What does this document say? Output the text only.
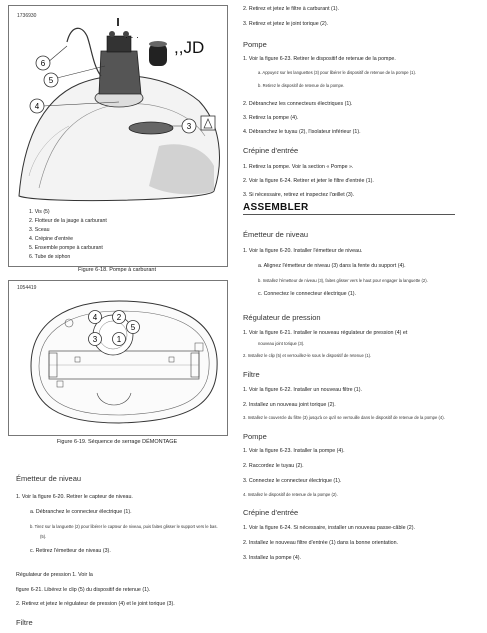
1736930
· · ·
6
5
4
3
,,JD
1. Vis (5)
2. Flotteur de la jauge à carburant
3. Sceau
4. Crépine d'entrée
5. Ensemble pompe à carburant
6. Tube de siphon
Figure 6-18. Pompe à carburant
1054419
4 2
5
3 1
Figure 6-19. Séquence de serrage DÉMONTAGE
Émetteur de niveau
1. Voir la figure 6-20. Retirer le capteur de niveau.
a. Débranchez le connecteur électrique (1).
b. Tirez sur la languette (2) pour libérer le capteur de niveau, puis faites glisser le support vers le bas.
(5).
c. Retirez l'émetteur de niveau (3).
Régulateur de pression 1. Voir la
figure 6-21. Libérez le clip (5) du dispositif de retenue (1).
2. Retirez et jetez le régulateur de pression (4) et le joint torique (3).
Filtre
2. Retirez et jetez le filtre à carburant (1).
3. Retirez et jetez le joint torique (2).
Pompe
1. Voir la figure 6-23. Retirer le dispositif de retenue de la pompe.
a. Appuyez sur les languettes (3) pour libérer le dispositif de retenue de la pompe (1).
b. Retirez le dispositif de retenue de la pompe.
2. Débranchez les connecteurs électriques (1).
3. Retirez la pompe (4).
4. Débranchez le tuyau (2), l'isolateur inférieur (1).
Crépine d'entrée
1. Retirez la pompe. Voir la section « Pompe ».
2. Voir la figure 6-24. Retirer et jeter le filtre d'entrée (1).
3. Si nécessaire, retirez et inspectez l'œillet (3).
ASSEMBLER
Émetteur de niveau
1. Voir la figure 6-20. Installer l'émetteur de niveau.
a. Alignez l'émetteur de niveau (3) dans la fente du support (4).
b. Installez l'émetteur de niveau (3), faites glisser vers le haut pour engager la languette (2).
c. Connectez le connecteur électrique (1).
Régulateur de pression
1. Voir la figure 6-21. Installer le nouveau régulateur de pression (4) et
nouveau joint torique (3).
2. Installez le clip (5) et verrouillez-le sous le dispositif de retenue (1).
Filtre
1. Voir la figure 6-22. Installer un nouveau filtre (1).
2. Installez un nouveau joint torique (2).
3. Installez le couvercle du filtre (3) jusqu'à ce qu'il se verrouille dans le dispositif de retenue de la pompe (4).
Pompe
1. Voir la figure 6-23. Installer la pompe (4).
2. Raccordez le tuyau (2).
3. Connectez le connecteur électrique (1).
4. Installez le dispositif de retenue de la pompe (2).
Crépine d'entrée
1. Voir la figure 6-24. Si nécessaire, installer un nouveau passe-câble (2).
2. Installez le nouveau filtre d'entrée (1) dans la bonne orientation.
3. Installez la pompe (4).
